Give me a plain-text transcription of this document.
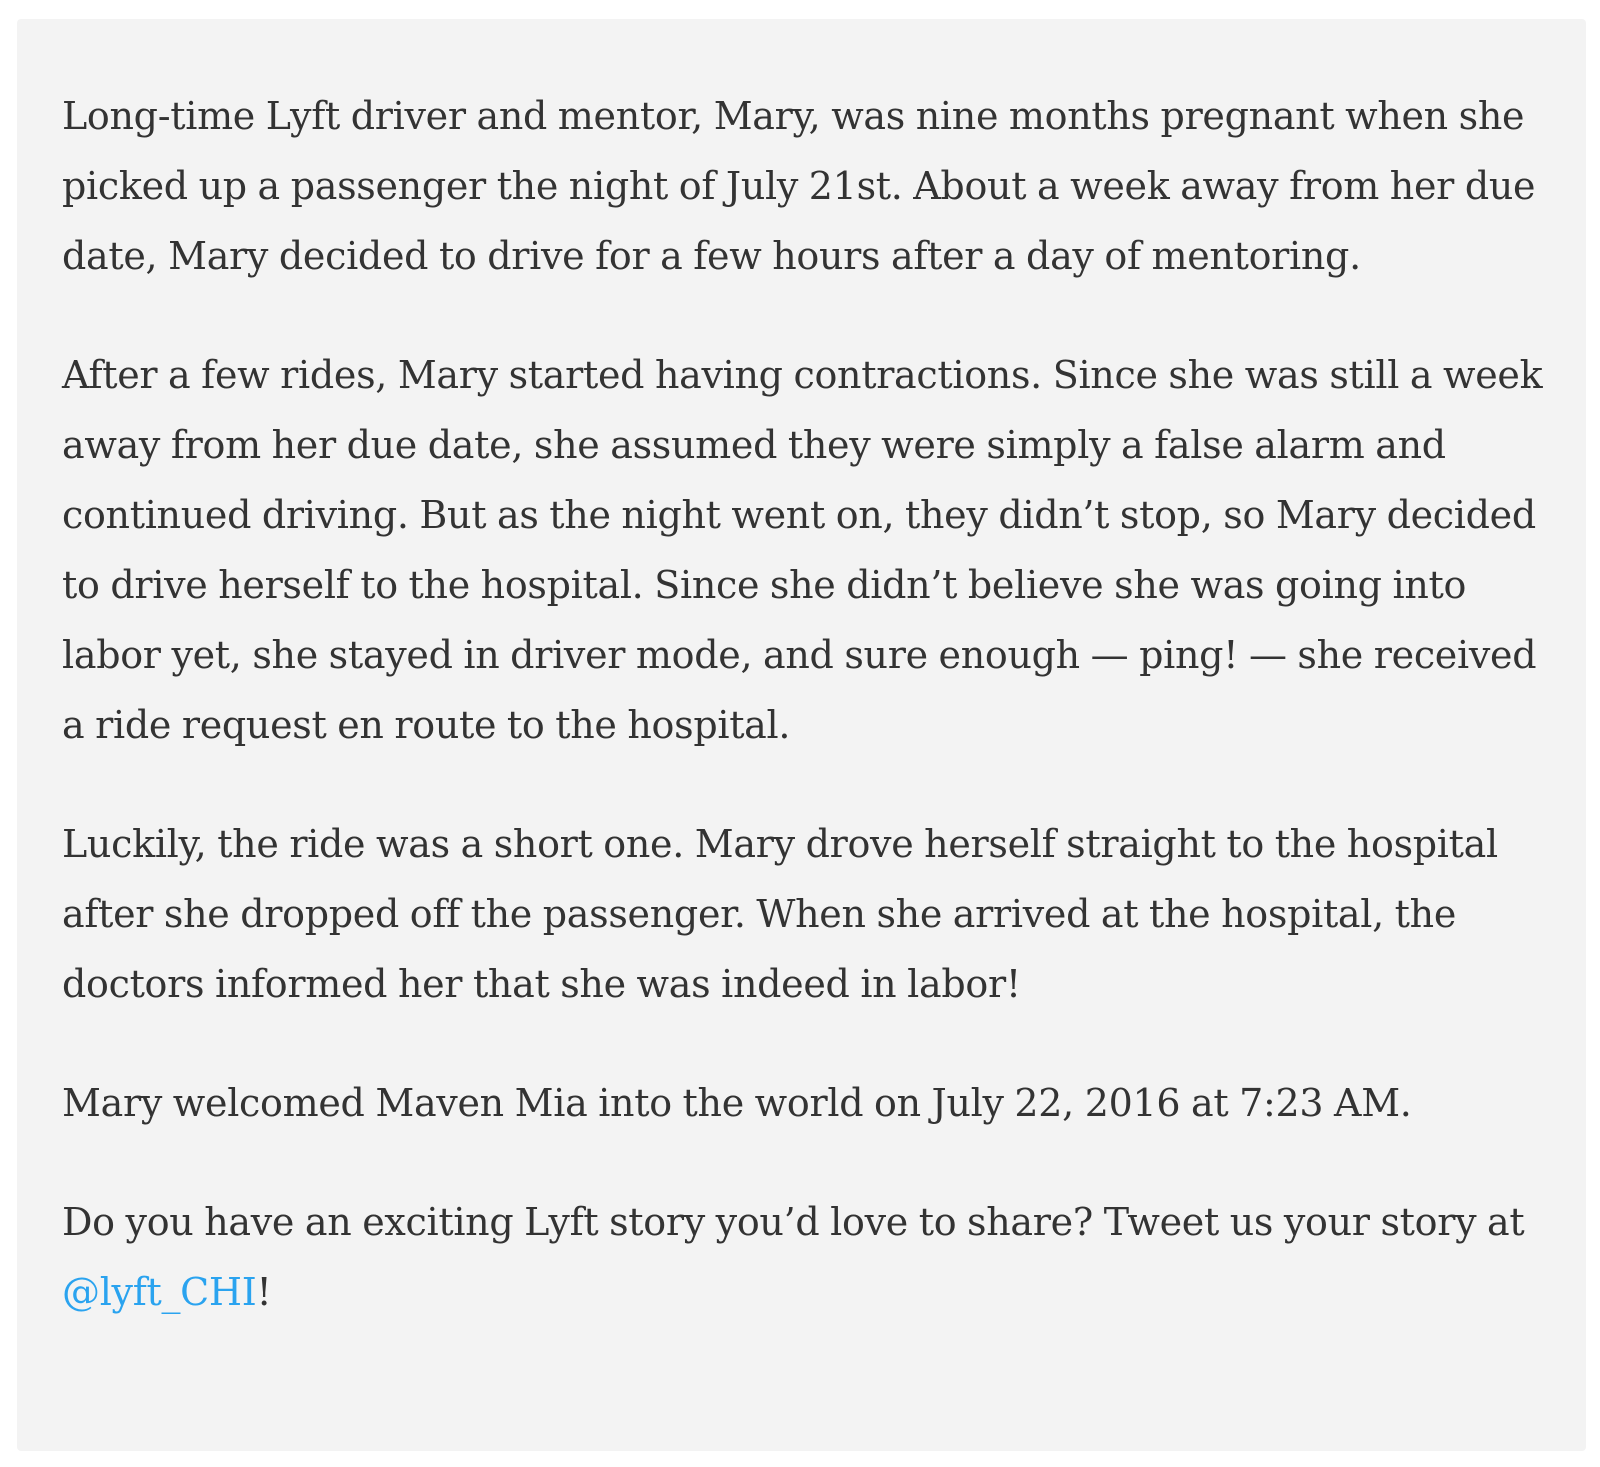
Long-time Lyft driver and mentor, Mary, was nine months pregnant when she picked up a passenger the night of July 21st. About a week away from her due date, Mary decided to drive for a few hours after a day of mentoring.

After a few rides, Mary started having contractions. Since she was still a week away from her due date, she assumed they were simply a false alarm and continued driving. But as the night went on, they didn’t stop, so Mary decided to drive herself to the hospital. Since she didn’t believe she was going into labor yet, she stayed in driver mode, and sure enough — ping! — she received a ride request en route to the hospital.

Luckily, the ride was a short one. Mary drove herself straight to the hospital after she dropped off the passenger. When she arrived at the hospital, the doctors informed her that she was indeed in labor!

Mary welcomed Maven Mia into the world on July 22, 2016 at 7:23 AM.

Do you have an exciting Lyft story you’d love to share? Tweet us your story at @lyft_CHI!
